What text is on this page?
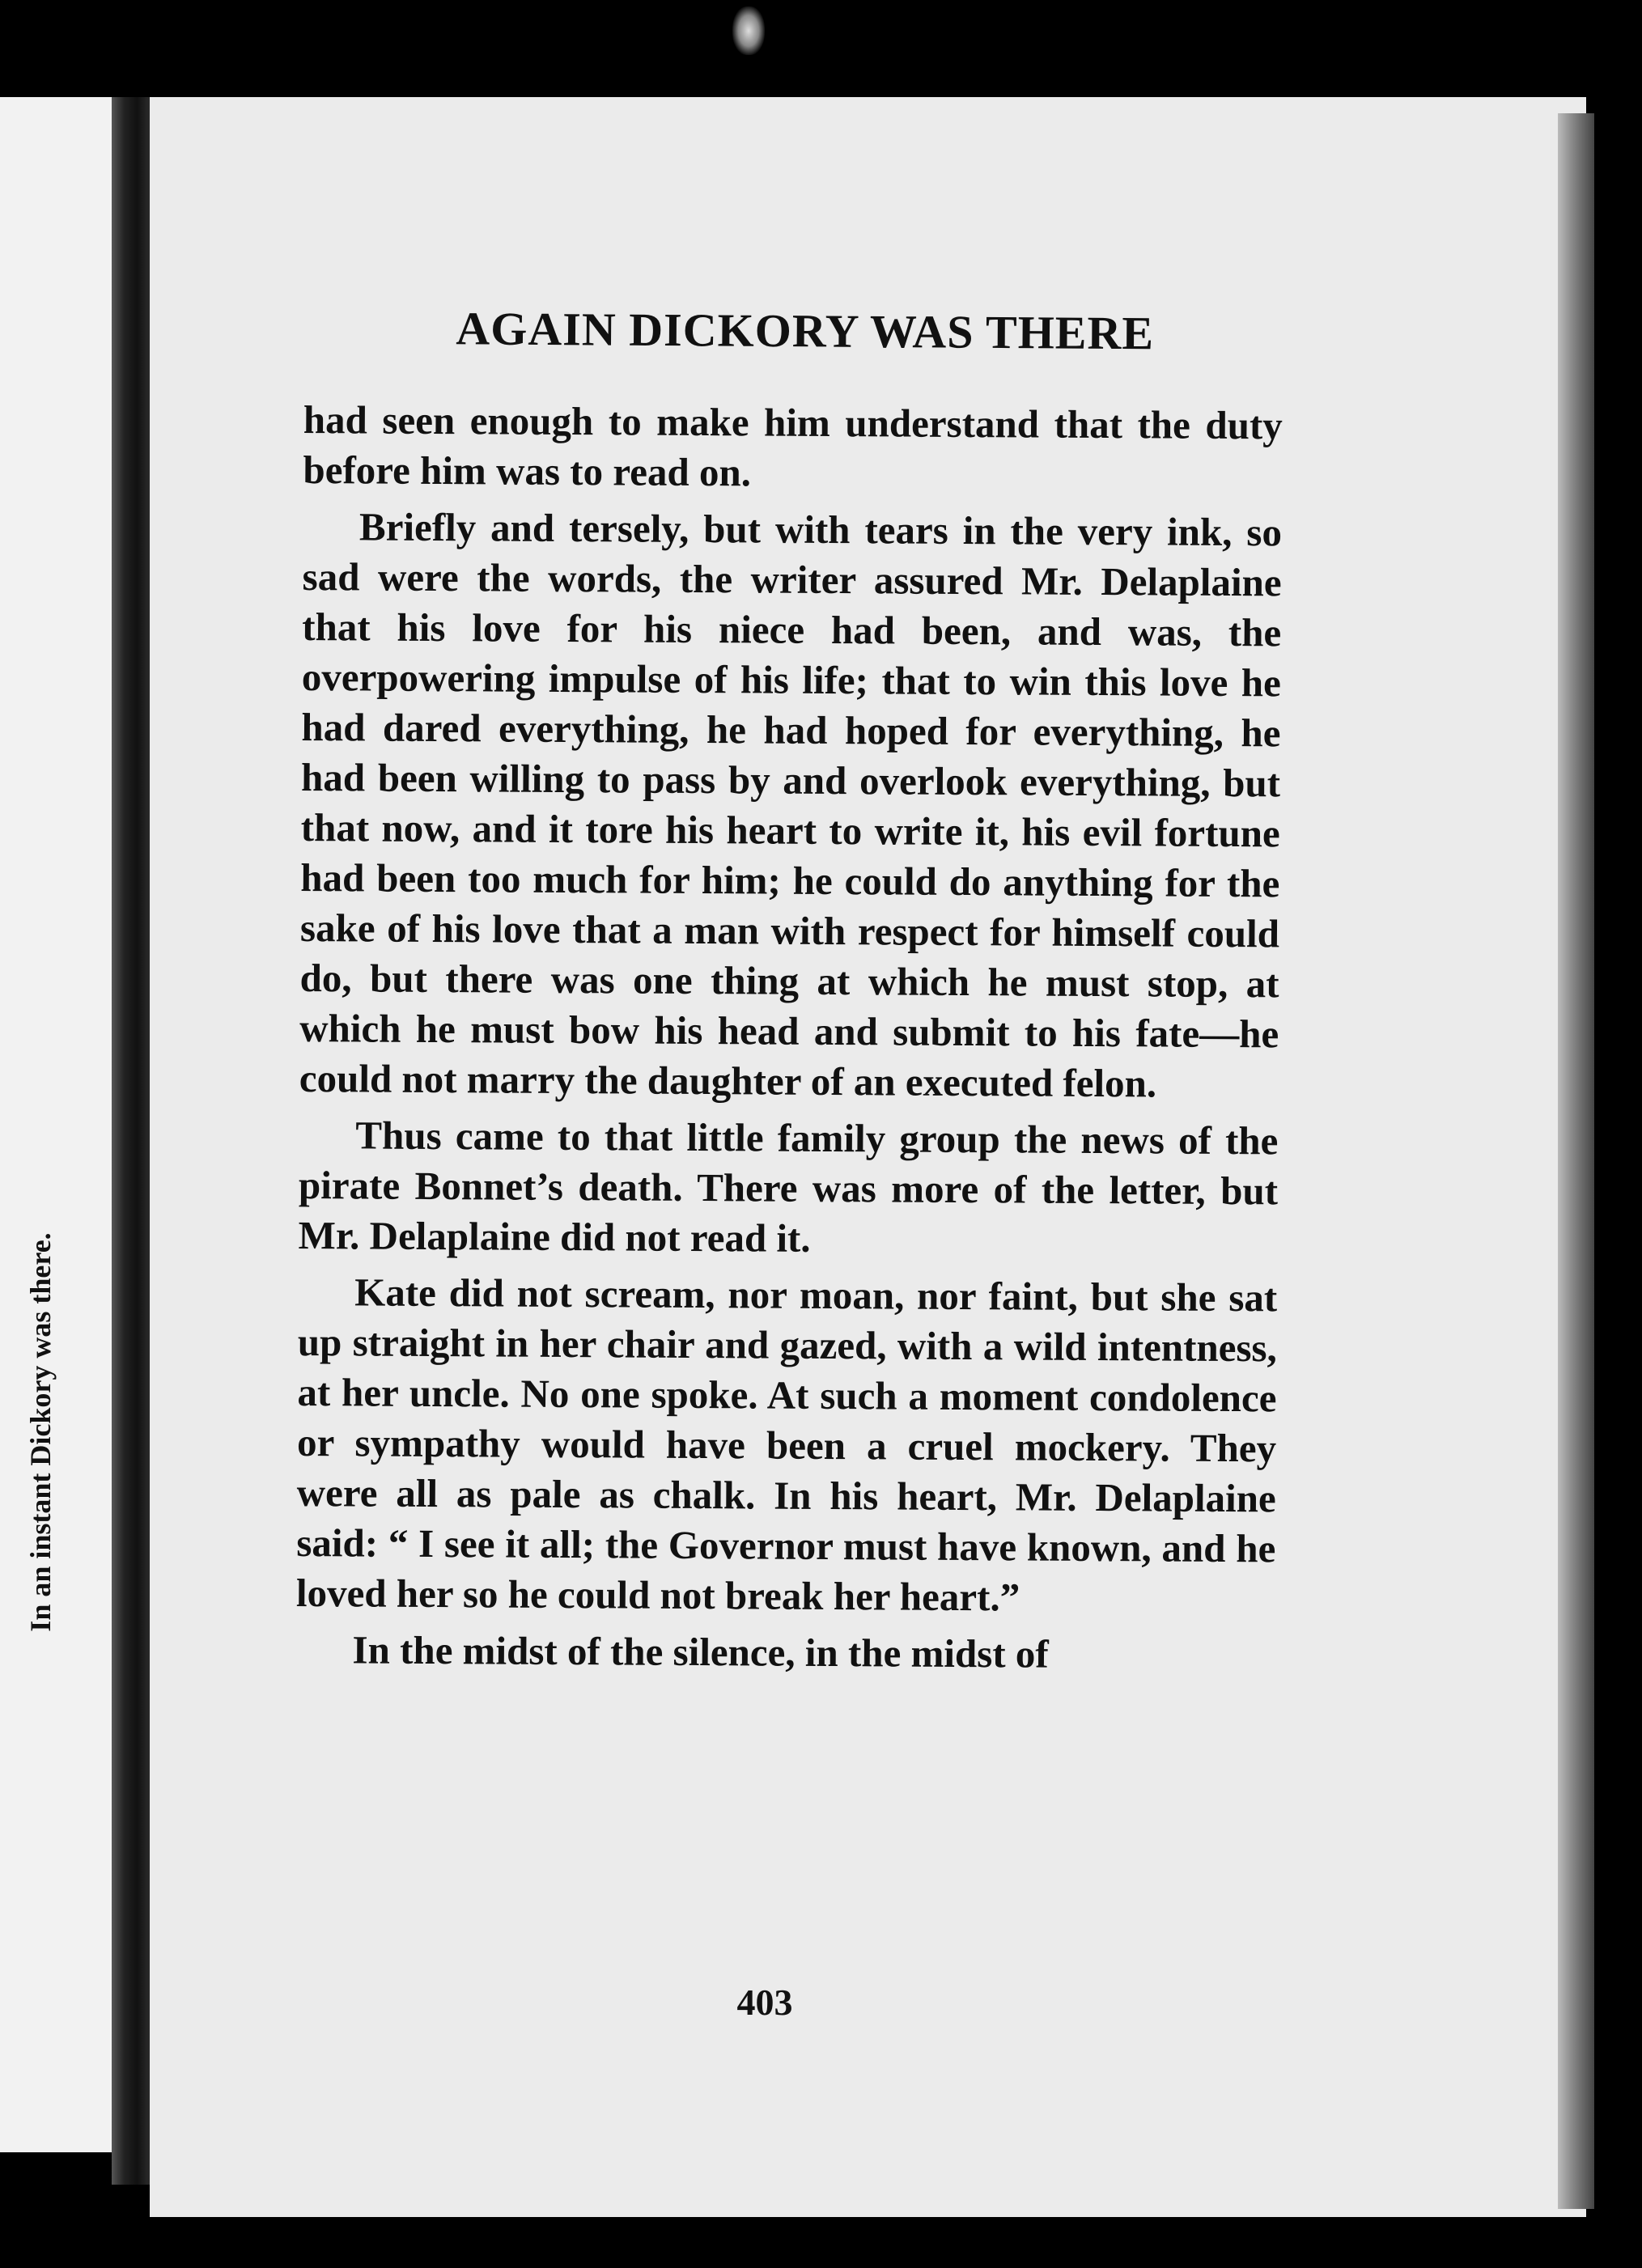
In an instant Dickory was there.
AGAIN DICKORY WAS THERE

had seen enough to make him understand that the duty before him was to read on.

Briefly and tersely, but with tears in the very ink, so sad were the words, the writer assured Mr. Delaplaine that his love for his niece had been, and was, the overpowering impulse of his life; that to win this love he had dared everything, he had hoped for everything, he had been willing to pass by and overlook everything, but that now, and it tore his heart to write it, his evil fortune had been too much for him; he could do anything for the sake of his love that a man with respect for himself could do, but there was one thing at which he must stop, at which he must bow his head and submit to his fate—he could not marry the daughter of an executed felon.

Thus came to that little family group the news of the pirate Bonnet’s death. There was more of the letter, but Mr. Delaplaine did not read it.

Kate did not scream, nor moan, nor faint, but she sat up straight in her chair and gazed, with a wild intentness, at her uncle. No one spoke. At such a moment condolence or sympathy would have been a cruel mockery. They were all as pale as chalk. In his heart, Mr. Delaplaine said: “ I see it all; the Governor must have known, and he loved her so he could not break her heart.”

In the midst of the silence, in the midst of

403
